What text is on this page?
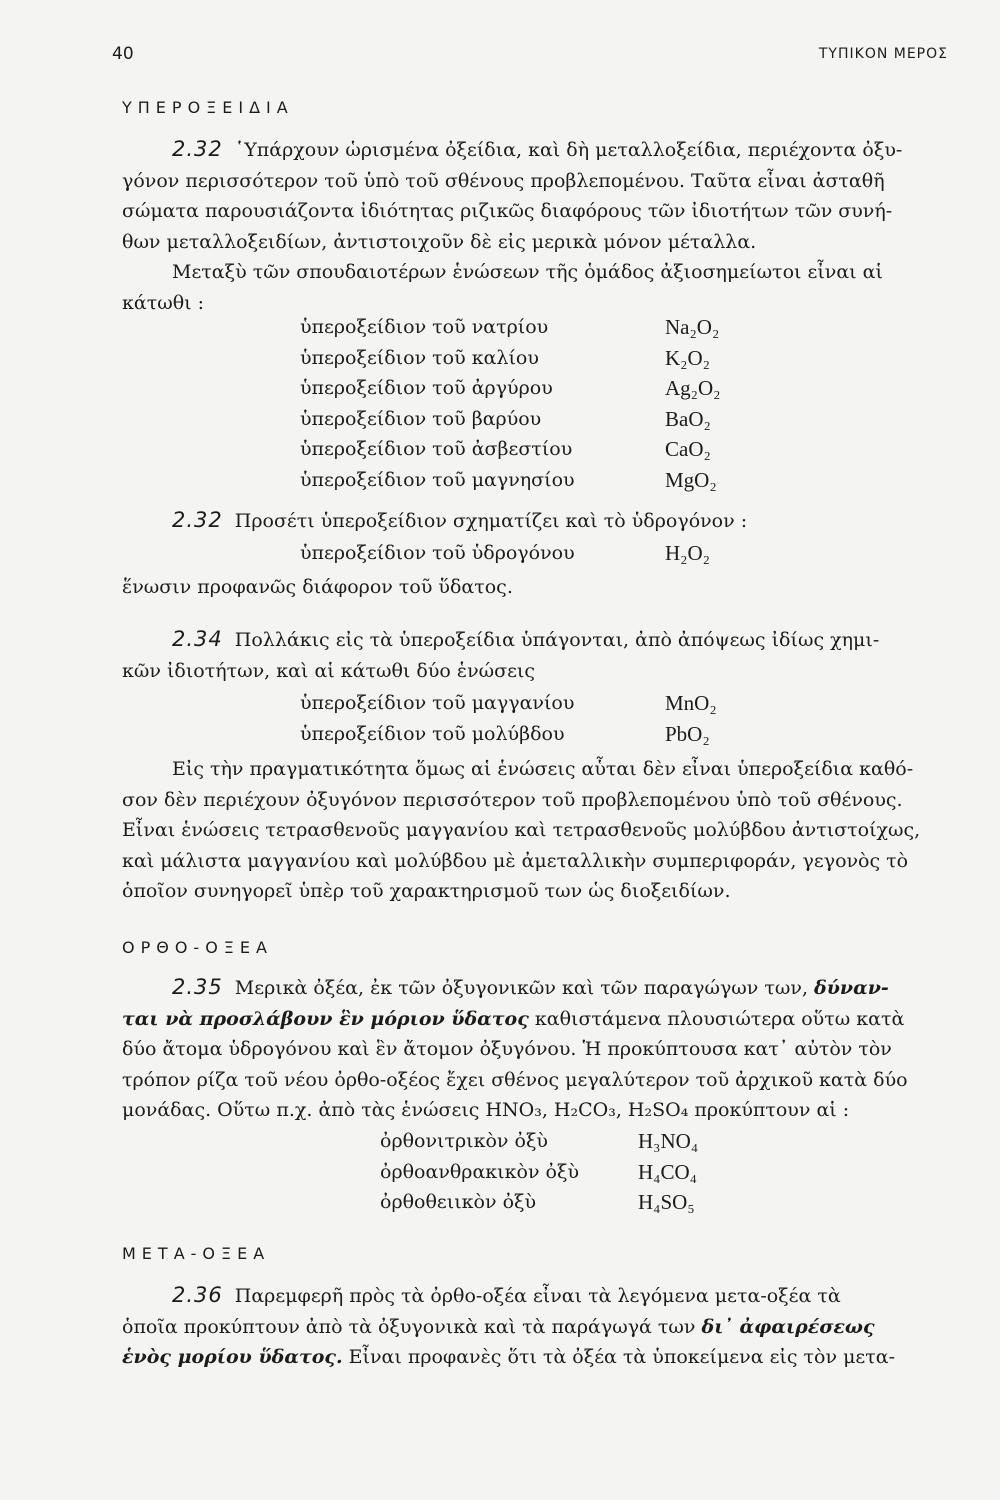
40	ΤΥΠΙΚΟΝ ΜΕΡΟΣ
ΥΠΕΡΟΞΕΙΔΙΑ
2.32 ῾Υπάρχουν ὡρισμένα ὀξείδια, καὶ δὴ μεταλλοξείδια, περιέχοντα ὀξυ-
γόνον περισσότερον τοῦ ὑπὸ τοῦ σθένους προβλεπομένου. Ταῦτα εἶναι ἀσταθῆ
σώματα παρουσιάζοντα ἰδιότητας ριζικῶς διαφόρους τῶν ἰδιοτήτων τῶν συνή-
θων μεταλλοξειδίων, ἀντιστοιχοῦν δὲ εἰς μερικὰ μόνον μέταλλα.
Μεταξὺ τῶν σπουδαιοτέρων ἑνώσεων τῆς ὁμάδος ἀξιοσημείωτοι εἶναι αἱ
κάτωθι :
ὑπεροξείδιον τοῦ νατρίου	Na₂O₂
ὑπεροξείδιον τοῦ καλίου	K₂O₂
ὑπεροξείδιον τοῦ ἀργύρου	Ag₂O₂
ὑπεροξείδιον τοῦ βαρύου	BaO₂
ὑπεροξείδιον τοῦ ἀσβεστίου	CaO₂
ὑπεροξείδιον τοῦ μαγνησίου	MgO₂
2.32 Προσέτι ὑπεροξείδιον σχηματίζει καὶ τὸ ὑδρογόνον :
ὑπεροξείδιον τοῦ ὑδρογόνου	H₂O₂
ἕνωσιν προφανῶς διάφορον τοῦ ὕδατος.
2.34 Πολλάκις εἰς τὰ ὑπεροξείδια ὑπάγονται, ἀπὸ ἀπόψεως ἰδίως χημι-
κῶν ἰδιοτήτων, καὶ αἱ κάτωθι δύο ἑνώσεις
ὑπεροξείδιον τοῦ μαγγανίου	MnO₂
ὑπεροξείδιον τοῦ μολύβδου	PbO₂
Εἰς τὴν πραγματικότητα ὅμως αἱ ἑνώσεις αὗται δὲν εἶναι ὑπεροξείδια καθό-
σον δὲν περιέχουν ὀξυγόνον περισσότερον τοῦ προβλεπομένου ὑπὸ τοῦ σθένους.
Εἶναι ἑνώσεις τετρασθενοῦς μαγγανίου καὶ τετρασθενοῦς μολύβδου ἀντιστοίχως,
καὶ μάλιστα μαγγανίου καὶ μολύβδου μὲ ἀμεταλλικὴν συμπεριφοράν, γεγονὸς τὸ
ὁποῖον συνηγορεῖ ὑπὲρ τοῦ χαρακτηρισμοῦ των ὡς διοξειδίων.
ΟΡΘΟ-ΟΞΕΑ
2.35 Μερικὰ ὀξέα, ἐκ τῶν ὀξυγονικῶν καὶ τῶν παραγώγων των, δύναν-
ται νὰ προσλάβουν ἓν μόριον ὕδατος καθιστάμενα πλουσιώτερα οὕτω κατὰ
δύο ἄτομα ὑδρογόνου καὶ ἓν ἄτομον ὀξυγόνου. Ἡ προκύπτουσα κατ᾽ αὐτὸν τὸν
τρόπον ρίζα τοῦ νέου ὀρθο-οξέος ἔχει σθένος μεγαλύτερον τοῦ ἀρχικοῦ κατὰ δύο
μονάδας. Οὕτω π.χ. ἀπὸ τὰς ἑνώσεις HNO₃, H₂CO₃, H₂SO₄ προκύπτουν αἱ :
ὀρθονιτρικὸν ὀξὺ	H₃NO₄
ὀρθοανθρακικὸν ὀξὺ	H₄CO₄
ὀρθοθειικὸν ὀξὺ	H₄SO₅
ΜΕΤΑ-ΟΞΕΑ
2.36 Παρεμφερῆ πρὸς τὰ ὀρθο-οξέα εἶναι τὰ λεγόμενα μετα-οξέα τὰ
ὁποῖα προκύπτουν ἀπὸ τὰ ὀξυγονικὰ καὶ τὰ παράγωγά των δι᾽ ἀφαιρέσεως
ἑνὸς μορίου ὕδατος. Εἶναι προφανὲς ὅτι τὰ ὀξέα τὰ ὑποκείμενα εἰς τὸν μετα-
